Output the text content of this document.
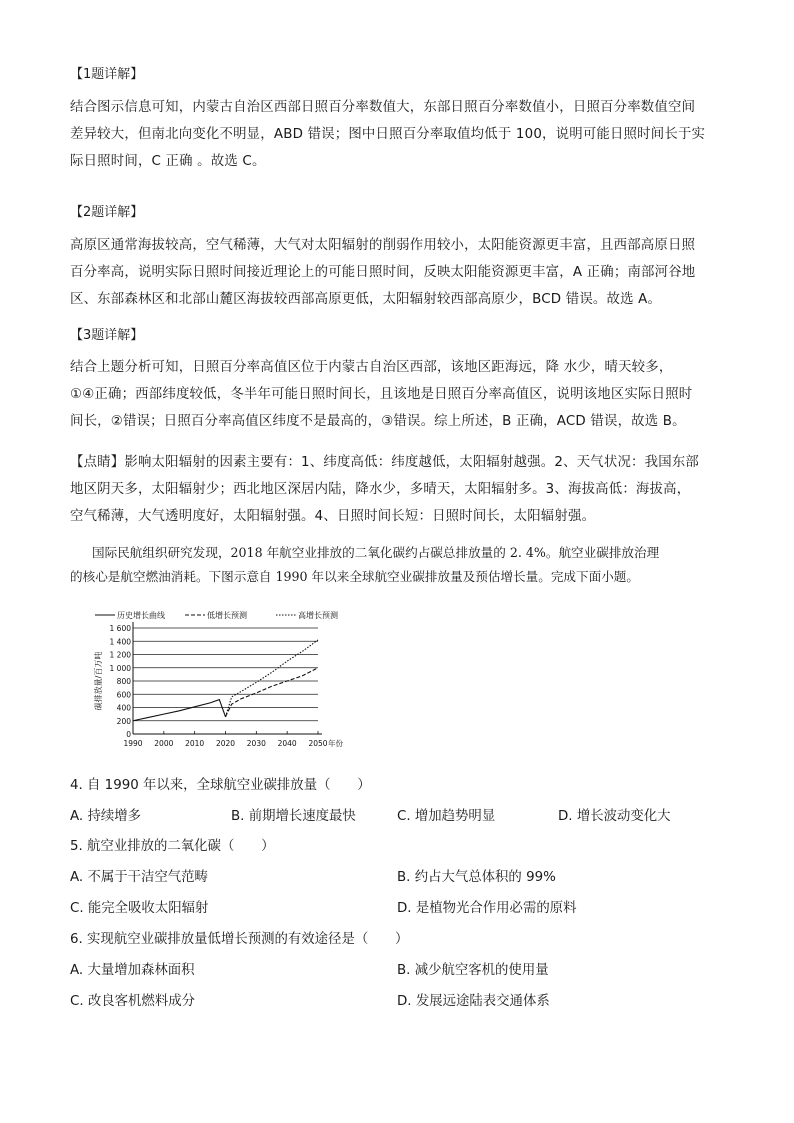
【1题详解】

结合图示信息可知，内蒙古自治区西部日照百分率数值大，东部日照百分率数值小，日照百分率数值空间

差异较大，但南北向变化不明显，ABD 错误；图中日照百分率取值均低于 100，说明可能日照时间长于实

际日照时间，C 正确 。故选 C。

【2题详解】

高原区通常海拔较高，空气稀薄，大气对太阳辐射的削弱作用较小，太阳能资源更丰富，且西部高原日照

百分率高，说明实际日照时间接近理论上的可能日照时间，反映太阳能资源更丰富，A 正确；南部河谷地

区、东部森林区和北部山麓区海拔较西部高原更低，太阳辐射较西部高原少，BCD 错误。故选 A。

【3题详解】

结合上题分析可知，日照百分率高值区位于内蒙古自治区西部，该地区距海远，降 水少，晴天较多，

①④正确；西部纬度较低，冬半年可能日照时间长，且该地是日照百分率高值区，说明该地区实际日照时

间长，②错误；日照百分率高值区纬度不是最高的，③错误。综上所述，B 正确，ACD 错误，故选 B。

【点睛】影响太阳辐射的因素主要有：1、纬度高低：纬度越低，太阳辐射越强。2、天气状况：我国东部

地区阴天多，太阳辐射少；西北地区深居内陆，降水少，多晴天，太阳辐射多。3、海拔高低：海拔高，

空气稀薄，大气透明度好，太阳辐射强。4、日照时间长短：日照时间长，太阳辐射强。

国际民航组织研究发现，2018 年航空业排放的二氧化碳约占碳总排放量的 2. 4%。航空业碳排放治理

的核心是航空燃油消耗。下图示意自 1990 年以来全球航空业碳排放量及预估增长量。完成下面小题。

0
200
400
600
800
1 000
1 200
1 400
1 600
1990 2000 2010 2020 2030 2040 2050 年份
碳排放量/百万吨
历史增长曲线	低增长预测	高增长预测
4. 自 1990 年以来，全球航空业碳排放量（　　）
A. 持续增多	B. 前期增长速度最快	C. 增加趋势明显	D. 增长波动变化大
5. 航空业排放的二氧化碳（　　）
A. 不属于干洁空气范畴	B. 约占大气总体积的 99%
C. 能完全吸收太阳辐射	D. 是植物光合作用必需的原料
6. 实现航空业碳排放量低增长预测的有效途径是（　　）
A. 大量增加森林面积	B. 减少航空客机的使用量
C. 改良客机燃料成分	D. 发展远途陆表交通体系
